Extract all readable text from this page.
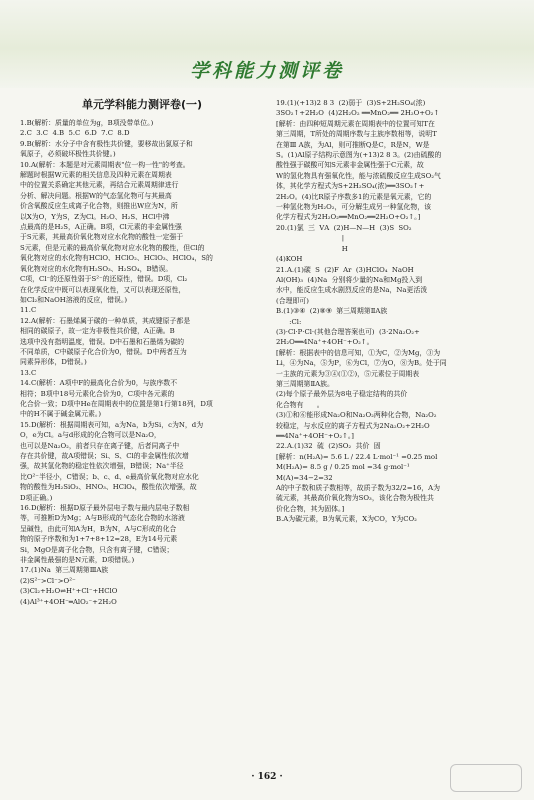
学科能力测评卷
单元学科能力测评卷(一)
1.B(解析：质量的单位为g，B项没带单位。)
2.C  3.C  4.B  5.C  6.D  7.C  8.D
9.B(解析：水分子中含有极性共价键，要移故出氯原子和
氧原子，必须破坏极性共价键。)
10.A(解析：本题是对元素周期表"位一构一性"的考查。
解题时根据W元素的相关信息及四种元素在周期表
中的位置关系确定其他元素，再结合元素周期律进行
分析、解决问题。根据W的气态氢化物可与其最高
价含氧酸反应生成离子化合物，则推出W应为N，所
以X为O，Y为S，Z为Cl。H₂O、H₂S、HCl中沸
点最高的是H₂S，A正确。B项，Cl元素的非金属性强
于S元素，其最高价氧化物对应水化物的酸性一定强于
S元素，但是元素的最高价氧化物对应水化物的酸性，但Cl的
氧化物对应的水化物有HClO、HClO₂、HClO₃、HClO₄，S的
氧化物对应的水化物有H₂SO₃、H₂SO₄，B错误。
C项，Cl⁻的还原性弱于S²⁻的还原性，错误。D项，Cl₂
在化学反应中既可以表现氧化性，又可以表现还原性，
如Cl₂和NaOH溶液的反应，错误。)
11.C
12.A(解析：石墨烯属于碳的一种单质，其成键原子都是
相同的碳原子，故一定为非极性共价键，A正确。B
选项中没有指明温度，错误。D中石墨和石墨烯为碳的
不同单质，C中碳原子化合价为0，错误。D中两者互为
同素异形体，D错误。)
13.C
14.C(解析：A项中F的最高化合价为0，与族序数不
相符；B项中18号元素化合价为0，C项中各元素的
化合价一致；D项中He在周期表中的位置是第1行第18列，D项
中的H不属于碱金属元素。)
15.D(解析：根据周期表可知，a为Na，b为Si，c为N，d为
O，e为Cl。a与d形成的化合物可以是Na₂O，
也可以是Na₂O₂，前者只存在离子键，后者同离子中
存在共价键，故A项错误；Si、S、Cl的非金属性依次增
强，故其氢化物的稳定性依次增强，B错误；Na⁺半径
比O²⁻半径小，C错误；b、c、d、e最高价氧化物对应水化
物的酸性为H₂SiO₃、HNO₃、HClO₄，酸性依次增强，故
D项正确。)
16.D(解析：根据D原子最外层电子数与最内层电子数相
等，可推断D为Mg；A与B形成的气态化合物的水溶液
呈碱性，由此可知A为H，B为N，A与C形成的化合
物的原子序数和为1+7+8+12=28，E为14号元素
Si，MgO是离子化合物，只含有离子键，C错误；
非金属性最强的是N元素，D项错误。)
17.(1)Na  第三周期第ⅢA族
(2)S²⁻>Cl⁻>O²⁻
(3)Cl₂+H₂O⇌H⁺+Cl⁻+HClO
(4)Al³⁺+4OH⁻═AlO₂⁻+2H₂O
19.(1)(+13)2 8 3  (2)弱于  (3)S+2H₂SO₄(浓)
3SO₂↑+2H₂O  (4)2H₂O₂ ══MnO₂══ 2H₂O+O₂↑
[解析：由四种短周期元素在周期表中的位置可知T在
第三周期，T所处的周期序数与主族序数相等，说明T
在第Ⅲ A族，为Al，则可推断Q是C，R是N，W是
S。(1)Al原子结构示意图为(+13)2 8 3。(2)由硫酸的
酸性强于碳酸可知S元素非金属性强于C元素，故
W的氢化物具有强氧化性，能与浓硫酸反应生成SO₂气
体，其化学方程式为S+2H₂SO₄(浓)══3SO₂↑+
2H₂O。(4)比R原子序数多1的元素是氧元素，它的
一种氢化物为H₂O₂，可分解生成另一种氢化物，该
化学方程式为2H₂O₂══MnO₂══2H₂O+O₂↑。]
20.(1)氯  三  ⅤA  (2)H—N—H  (3)S  SO₂
|
H
(4)KOH
21.A.(1)碳  S  (2)F  Ar  (3)HClO₄  NaOH
Al(OH)₃  (4)Na  分别将少量的Na和Mg投入到
水中，能反应生成水剧烈反应的是Na，Na更活泼
(合理即可)
B.(1)③④  (2)⑧⑨  第三周期第ⅡA族
:Cl:
(3)·Cl·P·Cl·(其他合理答案也可)  (3·2Na₂O₂+
2H₂O══4Na⁺+4OH⁻+O₂↑。
[解析：根据表中的信息可知，①为C，②为Mg，③为
Li，④为Na，⑤为P，⑥为Cl，⑦为O，⑧为B。处于同
一主族的元素为③④(①②)，⑤元素位于周期表
第三周期第ⅡA族。
(2)每个原子最外层为8电子稳定结构的共价
化合物有      。
(3)①和⑥能形成Na₂O和Na₂O₂两种化合物，Na₂O₂
较稳定，与水反应的离子方程式为2Na₂O₂+2H₂O
══4Na⁺+4OH⁻+O₂↑。]
22.A.(1)32  硫  (2)SO₂  共价  固
[解析：n(H₂A)= 5.6 L / 22.4 L·mol⁻¹ =0.25 mol
M(H₂A)= 8.5 g / 0.25 mol =34 g·mol⁻¹
M(A)=34−2=32
A的中子数和质子数相等，故质子数为32/2=16，A为
硫元素，其最高价氧化物为SO₃，该化合物为极性共
价化合物，其为固体。]
B.A为碳元素，B为氧元素，X为CO，Y为CO₂
· 162 ·
